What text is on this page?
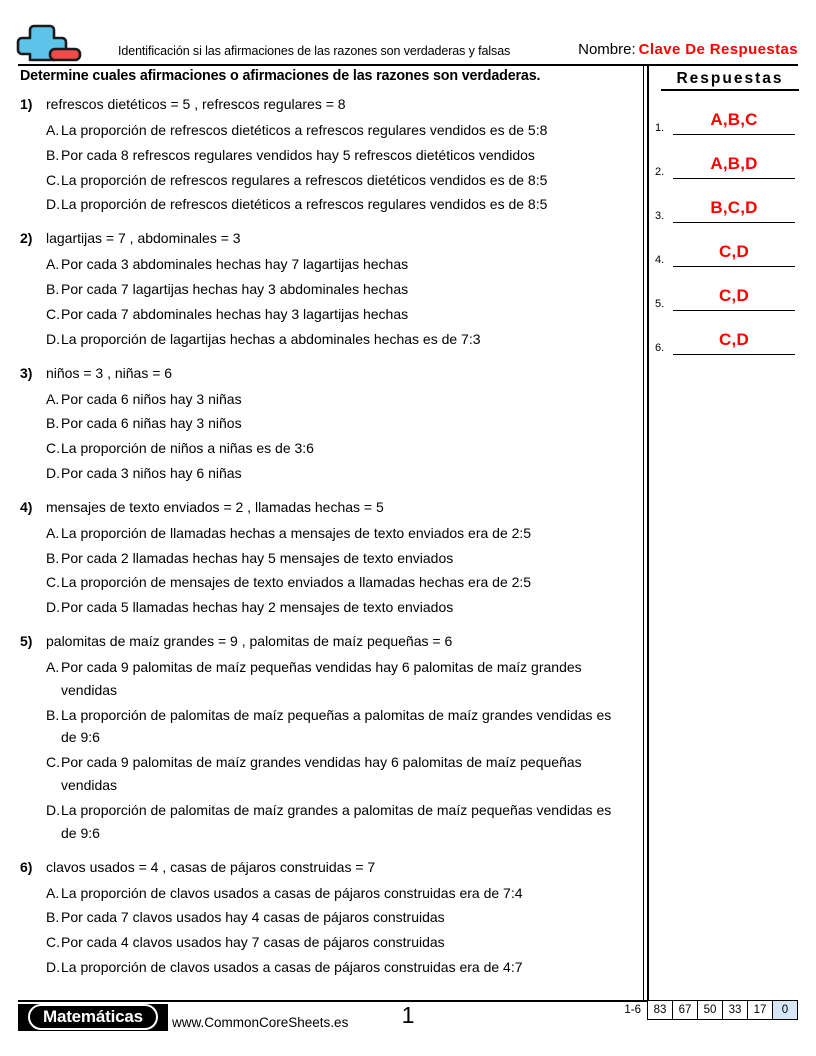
Identificación si las afirmaciones de las razones son verdaderas y falsas	Nombre: Clave De Respuestas
Determine cuales afirmaciones o afirmaciones de las razones son verdaderas.	Respuestas
1.	A,B,C
2.	A,B,D
3.	B,C,D
4.	C,D
5.	C,D
6.	C,D
1) refrescos dietéticos = 5 , refrescos regulares = 8
A. La proporción de refrescos dietéticos a refrescos regulares vendidos es de 5:8
B. Por cada 8 refrescos regulares vendidos hay 5 refrescos dietéticos vendidos
C. La proporción de refrescos regulares a refrescos dietéticos vendidos es de 8:5
D. La proporción de refrescos dietéticos a refrescos regulares vendidos es de 8:5
2) lagartijas = 7 , abdominales = 3
A. Por cada 3 abdominales hechas hay 7 lagartijas hechas
B. Por cada 7 lagartijas hechas hay 3 abdominales hechas
C. Por cada 7 abdominales hechas hay 3 lagartijas hechas
D. La proporción de lagartijas hechas a abdominales hechas es de 7:3
3) niños = 3 , niñas = 6
A. Por cada 6 niños hay 3 niñas
B. Por cada 6 niñas hay 3 niños
C. La proporción de niños a niñas es de 3:6
D. Por cada 3 niños hay 6 niñas
4) mensajes de texto enviados = 2 , llamadas hechas = 5
A. La proporción de llamadas hechas a mensajes de texto enviados era de 2:5
B. Por cada 2 llamadas hechas hay 5 mensajes de texto enviados
C. La proporción de mensajes de texto enviados a llamadas hechas era de 2:5
D. Por cada 5 llamadas hechas hay 2 mensajes de texto enviados
5) palomitas de maíz grandes = 9 , palomitas de maíz pequeñas = 6
A. Por cada 9 palomitas de maíz pequeñas vendidas hay 6 palomitas de maíz grandes vendidas
B. La proporción de palomitas de maíz pequeñas a palomitas de maíz grandes vendidas es de 9:6
C. Por cada 9 palomitas de maíz grandes vendidas hay 6 palomitas de maíz pequeñas vendidas
D. La proporción de palomitas de maíz grandes a palomitas de maíz pequeñas vendidas es de 9:6
6) clavos usados = 4 , casas de pájaros construidas = 7
A. La proporción de clavos usados a casas de pájaros construidas era de 7:4
B. Por cada 7 clavos usados hay 4 casas de pájaros construidas
C. Por cada 4 clavos usados hay 7 casas de pájaros construidas
D. La proporción de clavos usados a casas de pájaros construidas era de 4:7
Matemáticas	www.CommonCoreSheets.es	1	1-6	83	67	50	33	17	0
